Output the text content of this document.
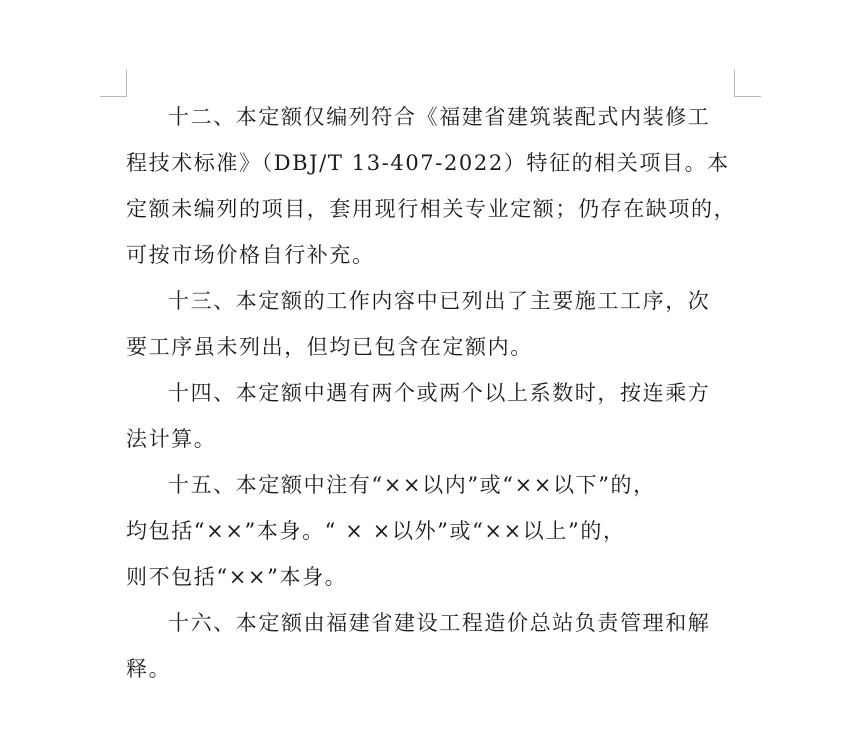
十二、本定额仅编列符合《福建省建筑装配式内装修工
程技术标准》（DBJ/T 13-407-2022）特征的相关项目。本
定额未编列的项目，套用现行相关专业定额；仍存在缺项的，
可按市场价格自行补充。

十三、本定额的工作内容中已列出了主要施工工序，次
要工序虽未列出，但均已包含在定额内。

十四、本定额中遇有两个或两个以上系数时，按连乘方
法计算。

十五、本定额中注有“××以内”或“××以下”的，
均包括“××”本身。“ × ×以外”或“××以上”的，
则不包括“××”本身。

十六、本定额由福建省建设工程造价总站负责管理和解
释。
